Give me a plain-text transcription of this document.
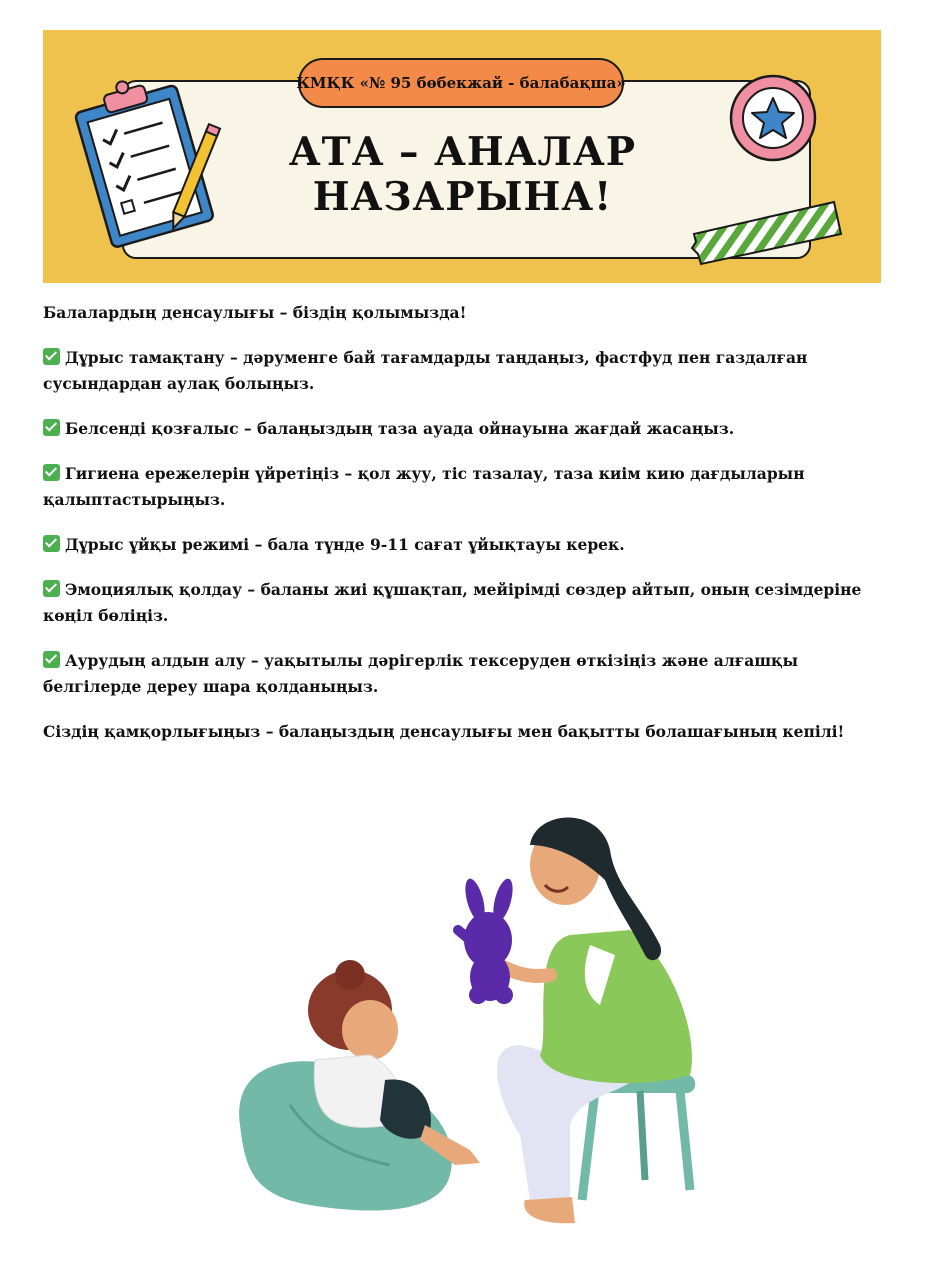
КМҚК «№ 95 бөбекжай - балабақша»
АТА – АНАЛАР
НАЗАРЫНА!

Балалардың денсаулығы – біздің қолымызда!

Дұрыс тамақтану – дәруменге бай тағамдарды таңдаңыз, фастфуд пен газдалған сусындардан аулақ болыңыз.

Белсенді қозғалыс – балаңыздың таза ауада ойнауына жағдай жасаңыз.

Гигиена ережелерін үйретіңіз – қол жуу, тіс тазалау, таза киім кию дағдыларын қалыптастырыңыз.

Дұрыс ұйқы режимі – бала түнде 9-11 сағат ұйықтауы керек.

Эмоциялық қолдау – баланы жиі құшақтап, мейірімді сөздер айтып, оның сезімдеріне көңіл бөліңіз.

Аурудың алдын алу – уақытылы дәрігерлік тексеруден өткізіңіз және алғашқы белгілерде дереу шара қолданыңыз.

Сіздің қамқорлығыңыз – балаңыздың денсаулығы мен бақытты болашағының кепілі!
